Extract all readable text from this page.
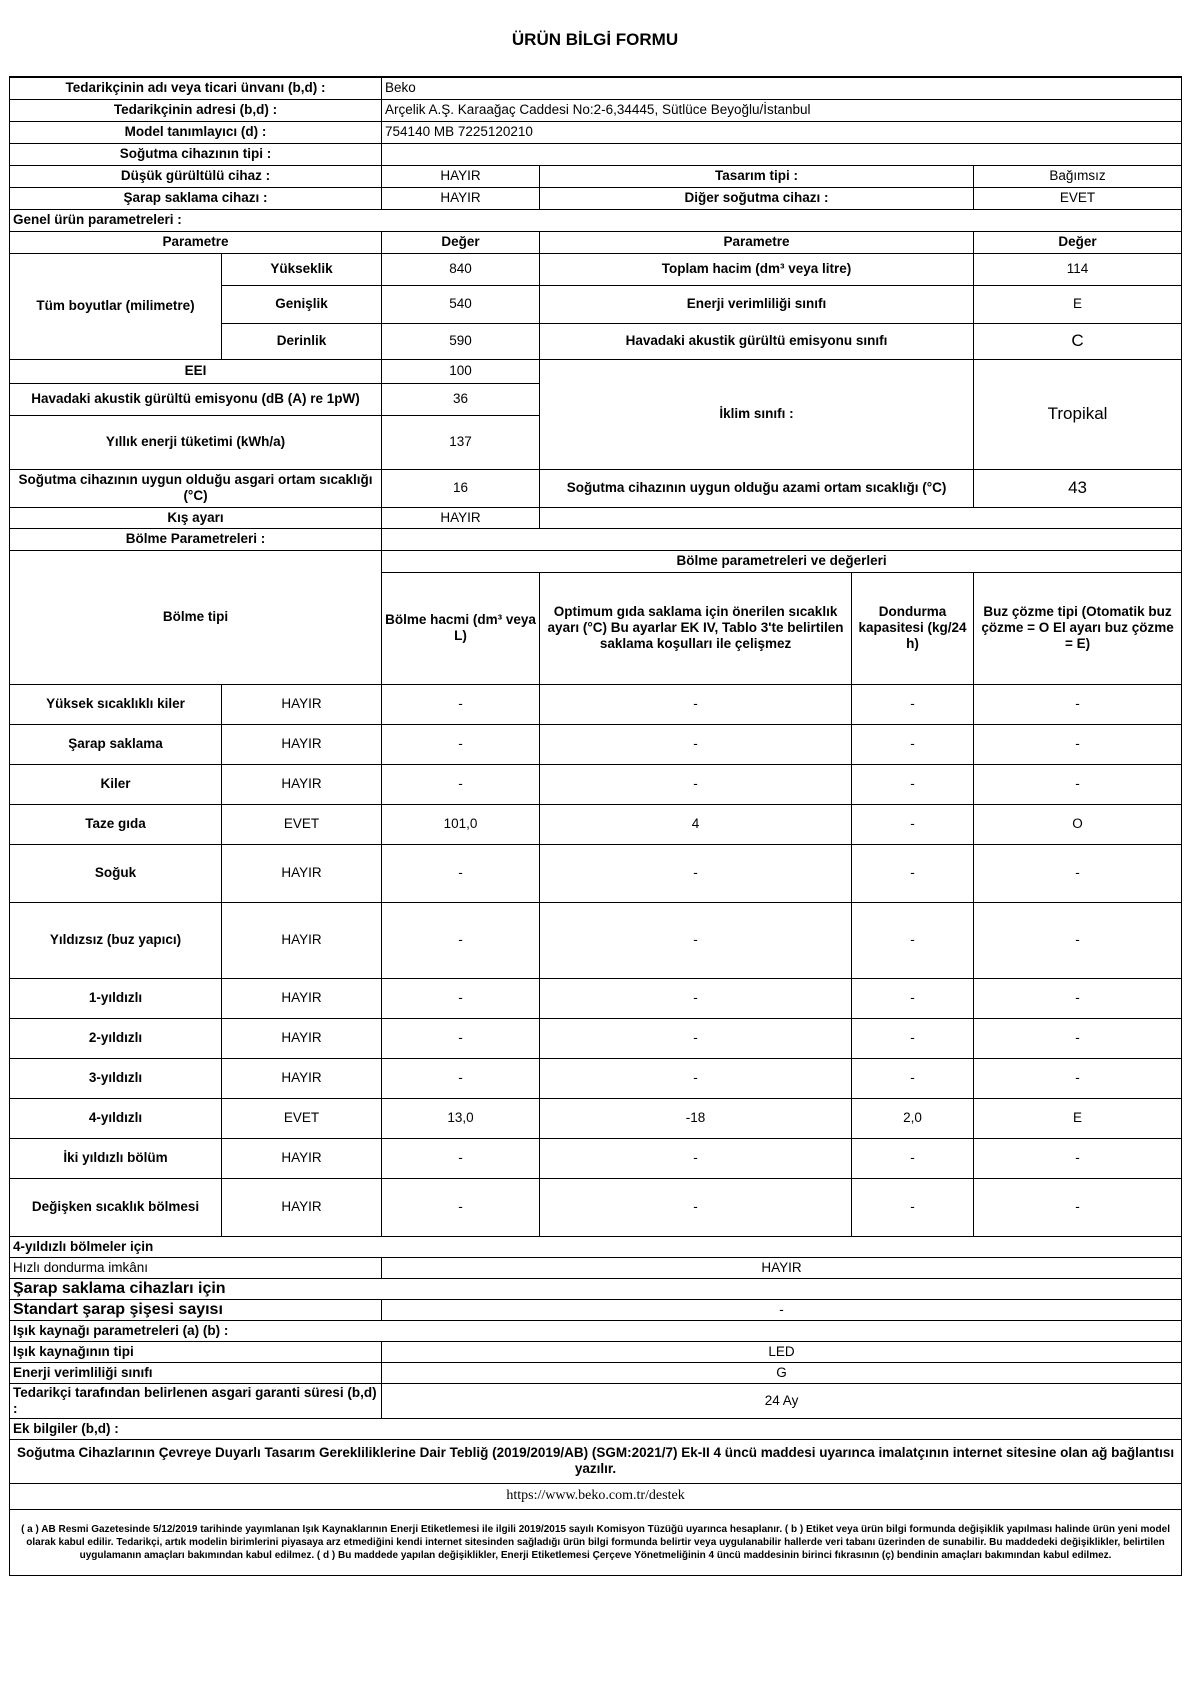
ÜRÜN BİLGİ FORMU
Tedarikçinin adı veya ticari ünvanı (b,d) :		Beko			
Tedarikçinin adresi (b,d) :		Arçelik A.Ş. Karaağaç Caddesi No:2-6,34445, Sütlüce Beyoğlu/İstanbul			
Model tanımlayıcı (d) :		754140 MB 7225120210			
Soğutma cihazının tipi :					
Düşük gürültülü cihaz :		HAYIR	Tasarım tipi :		Bağımsız
Şarap saklama cihazı :		HAYIR	Diğer soğutma cihazı :		EVET
Genel ürün parametreleri :					
Parametre		Değer	Parametre		Değer
Tüm boyutlar (milimetre)	Yükseklik	840	Toplam hacim (dm³ veya litre)		114
	Genişlik	540	Enerji verimliliği sınıfı		E
	Derinlik	590	Havadaki akustik gürültü emisyonu sınıfı		C
EEI		100	İklim sınıfı :		Tropikal
Havadaki akustik gürültü emisyonu (dB (A) re 1pW)		36			
Yıllık enerji tüketimi (kWh/a)		137			
Soğutma cihazının uygun olduğu asgari ortam sıcaklığı (°C)		16	Soğutma cihazının uygun olduğu azami ortam sıcaklığı (°C)		43
Kış ayarı		HAYIR			
Bölme Parametreleri :					
Bölme tipi		Bölme parametreleri ve değerleri			
		Bölme hacmi (dm³ veya L)	Optimum gıda saklama için önerilen sıcaklık ayarı (°C) Bu ayarlar EK IV, Tablo 3'te belirtilen saklama koşulları ile çelişmez	Dondurma kapasitesi (kg/24 h)	Buz çözme tipi (Otomatik buz çözme = O El ayarı buz çözme = E)
Yüksek sıcaklıklı kiler	HAYIR	-	-	-	-
Şarap saklama	HAYIR	-	-	-	-
Kiler	HAYIR	-	-	-	-
Taze gıda	EVET	101,0	4	-	O
Soğuk	HAYIR	-	-	-	-
Yıldızsız (buz yapıcı)	HAYIR	-	-	-	-
1-yıldızlı	HAYIR	-	-	-	-
2-yıldızlı	HAYIR	-	-	-	-
3-yıldızlı	HAYIR	-	-	-	-
4-yıldızlı	EVET	13,0	-18	2,0	E
İki yıldızlı bölüm	HAYIR	-	-	-	-
Değişken sıcaklık bölmesi	HAYIR	-	-	-	-
4-yıldızlı bölmeler için					
Hızlı dondurma imkânı		HAYIR			
Şarap saklama cihazları için					
Standart şarap şişesi sayısı		-			
Işık kaynağı parametreleri (a) (b) :					
Işık kaynağının tipi		LED			
Enerji verimliliği sınıfı		G			
Tedarikçi tarafından belirlenen asgari garanti süresi (b,d) :		24 Ay			
Ek bilgiler (b,d) :					
Soğutma Cihazlarının Çevreye Duyarlı Tasarım Gerekliliklerine Dair Tebliğ (2019/2019/AB) (SGM:2021/7) Ek-II 4 üncü maddesi uyarınca imalatçının internet sitesine olan ağ bağlantısı yazılır.					
https://www.beko.com.tr/destek					
( a ) AB Resmi Gazetesinde 5/12/2019 tarihinde yayımlanan Işık Kaynaklarının Enerji Etiketlemesi ile ilgili 2019/2015 sayılı Komisyon Tüzüğü uyarınca hesaplanır. ( b ) Etiket veya ürün bilgi formunda değişiklik yapılması halinde ürün yeni model olarak kabul edilir. Tedarikçi, artık modelin birimlerini piyasaya arz etmediğini kendi internet sitesinden sağladığı ürün bilgi formunda belirtir veya uygulanabilir hallerde veri tabanı üzerinden de sunabilir. Bu maddedeki değişiklikler, belirtilen uygulamanın amaçları bakımından kabul edilmez. ( d ) Bu maddede yapılan değişiklikler, Enerji Etiketlemesi Çerçeve Yönetmeliğinin 4 üncü maddesinin birinci fıkrasının (ç) bendinin amaçları bakımından kabul edilmez.					
